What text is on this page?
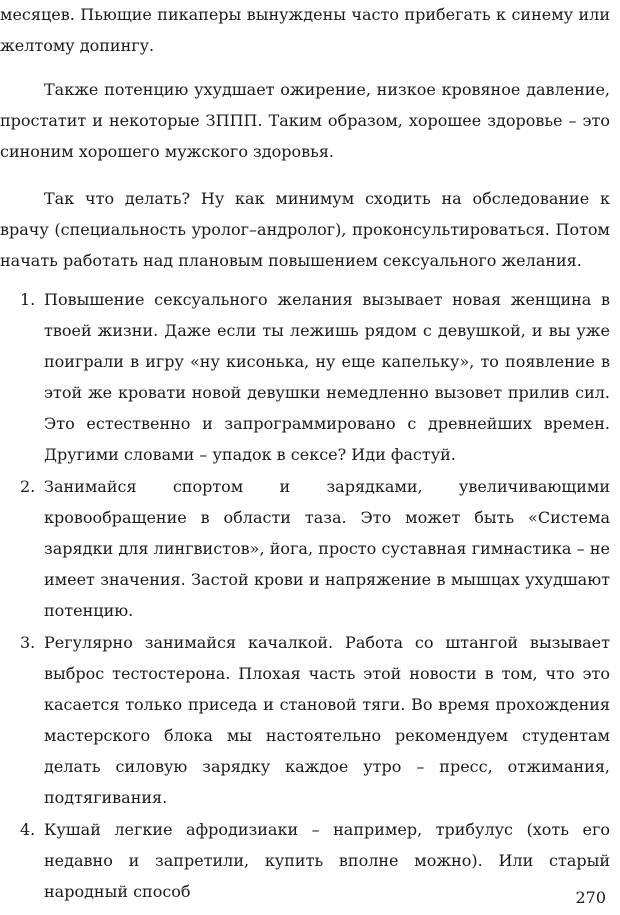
месяцев. Пьющие пикаперы вынуждены часто прибегать к синему или желтому допингу.

Также потенцию ухудшает ожирение, низкое кровяное давление, простатит и некоторые ЗППП. Таким образом, хорошее здоровье – это синоним хорошего мужского здоровья.

Так что делать? Ну как минимум сходить на обследование к врачу (специальность уролог–андролог), проконсультироваться. Потом начать работать над плановым повышением сексуального желания.

1. Повышение сексуального желания вызывает новая женщина в твоей жизни. Даже если ты лежишь рядом с девушкой, и вы уже поиграли в игру «ну кисонька, ну еще капельку», то появление в этой же кровати новой девушки немедленно вызовет прилив сил. Это естественно и запрограммировано с древнейших времен. Другими словами – упадок в сексе? Иди фастуй.
2. Занимайся спортом и зарядками, увеличивающими кровообращение в области таза. Это может быть «Система зарядки для лингвистов», йога, просто суставная гимнастика – не имеет значения. Застой крови и напряжение в мышцах ухудшают потенцию.
3. Регулярно занимайся качалкой. Работа со штангой вызывает выброс тестостерона. Плохая часть этой новости в том, что это касается только приседа и становой тяги. Во время прохождения мастерского блока мы настоятельно рекомендуем студентам делать силовую зарядку каждое утро – пресс, отжимания, подтягивания.
4. Кушай легкие афродизиаки – например, трибулус (хоть его недавно и запретили, купить вполне можно). Или старый народный способ	270
